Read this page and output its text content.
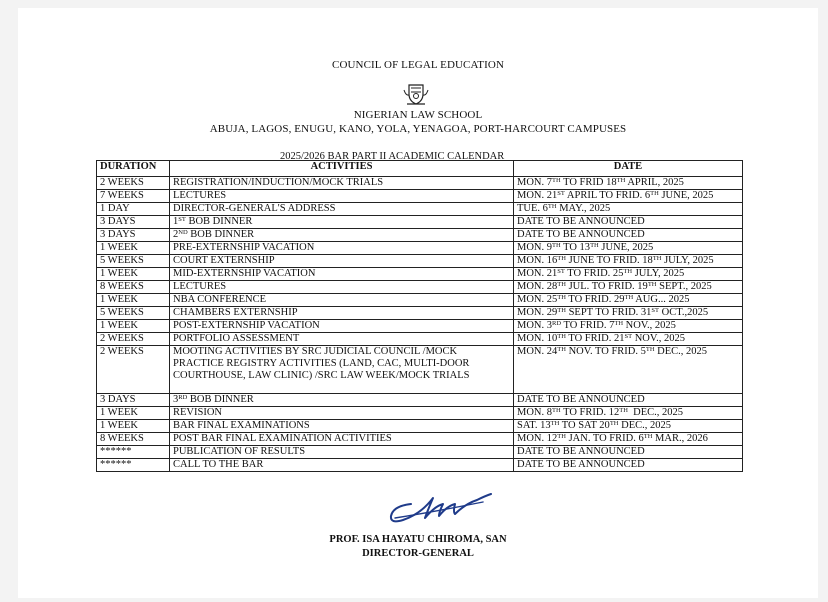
COUNCIL OF LEGAL EDUCATION
NIGERIAN LAW SCHOOL
ABUJA, LAGOS, ENUGU, KANO, YOLA, YENAGOA, PORT-HARCOURT CAMPUSES
2025/2026 BAR PART II ACADEMIC CALENDAR
DURATION	ACTIVITIES	DATE
2 WEEKS	REGISTRATION/INDUCTION/MOCK TRIALS	MON. 7TH TO FRID 18TH APRIL, 2025
7 WEEKS	LECTURES	MON. 21ST APRIL TO FRID. 6TH JUNE, 2025
1 DAY	DIRECTOR-GENERAL'S ADDRESS	TUE. 6TH MAY., 2025
3 DAYS	1ST BOB DINNER	DATE TO BE ANNOUNCED
3 DAYS	2ND BOB DINNER	DATE TO BE ANNOUNCED
1 WEEK	PRE-EXTERNSHIP VACATION	MON. 9TH TO 13TH JUNE, 2025
5 WEEKS	COURT EXTERNSHIP	MON. 16TH JUNE TO FRID. 18TH JULY, 2025
1 WEEK	MID-EXTERNSHIP VACATION	MON. 21ST TO FRID. 25TH JULY, 2025
8 WEEKS	LECTURES	MON. 28TH JUL. TO FRID. 19TH SEPT., 2025
1 WEEK	NBA CONFERENCE	MON. 25TH TO FRID. 29TH AUG... 2025
5 WEEKS	CHAMBERS EXTERNSHIP	MON. 29TH SEPT TO FRID. 31ST OCT.,2025
1 WEEK	POST-EXTERNSHIP VACATION	MON. 3RD TO FRID. 7TH NOV., 2025
2 WEEKS	PORTFOLIO ASSESSMENT	MON. 10TH TO FRID. 21ST NOV., 2025
2 WEEKS	MOOTING ACTIVITIES BY SRC JUDICIAL COUNCIL /MOCK PRACTICE REGISTRY ACTIVITIES (LAND, CAC, MULTI-DOOR COURTHOUSE, LAW CLINIC) /SRC LAW WEEK/MOCK TRIALS	MON. 24TH NOV. TO FRID. 5TH DEC., 2025
3 DAYS	3RD BOB DINNER	DATE TO BE ANNOUNCED
1 WEEK	REVISION	MON. 8TH TO FRID. 12TH  DEC., 2025
1 WEEK	BAR FINAL EXAMINATIONS	SAT. 13TH TO SAT 20TH DEC., 2025
8 WEEKS	POST BAR FINAL EXAMINATION ACTIVITIES	MON. 12TH JAN. TO FRID. 6TH MAR., 2026
******	PUBLICATION OF RESULTS	DATE TO BE ANNOUNCED
******	CALL TO THE BAR	DATE TO BE ANNOUNCED
PROF. ISA HAYATU CHIROMA, SAN
DIRECTOR-GENERAL
